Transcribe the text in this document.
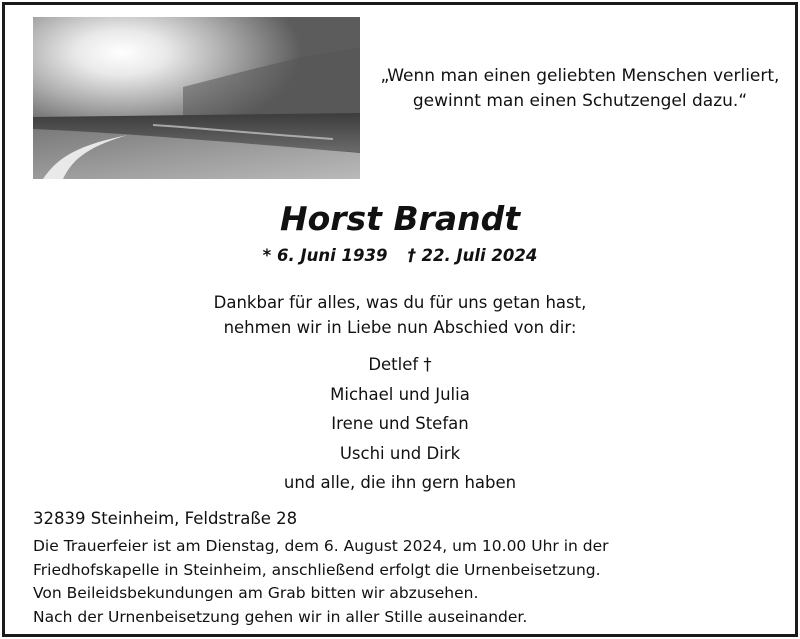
„Wenn man einen geliebten Menschen verliert,
gewinnt man einen Schutzengel dazu.“
Horst Brandt
* 6. Juni 1939 † 22. Juli 2024
Dankbar für alles, was du für uns getan hast,
nehmen wir in Liebe nun Abschied von dir:
Detlef †
Michael und Julia
Irene und Stefan
Uschi und Dirk
und alle, die ihn gern haben
32839 Steinheim, Feldstraße 28
Die Trauerfeier ist am Dienstag, dem 6. August 2024, um 10.00 Uhr in der
Friedhofskapelle in Steinheim, anschließend erfolgt die Urnenbeisetzung.
Von Beileidsbekundungen am Grab bitten wir abzusehen.
Nach der Urnenbeisetzung gehen wir in aller Stille auseinander.
